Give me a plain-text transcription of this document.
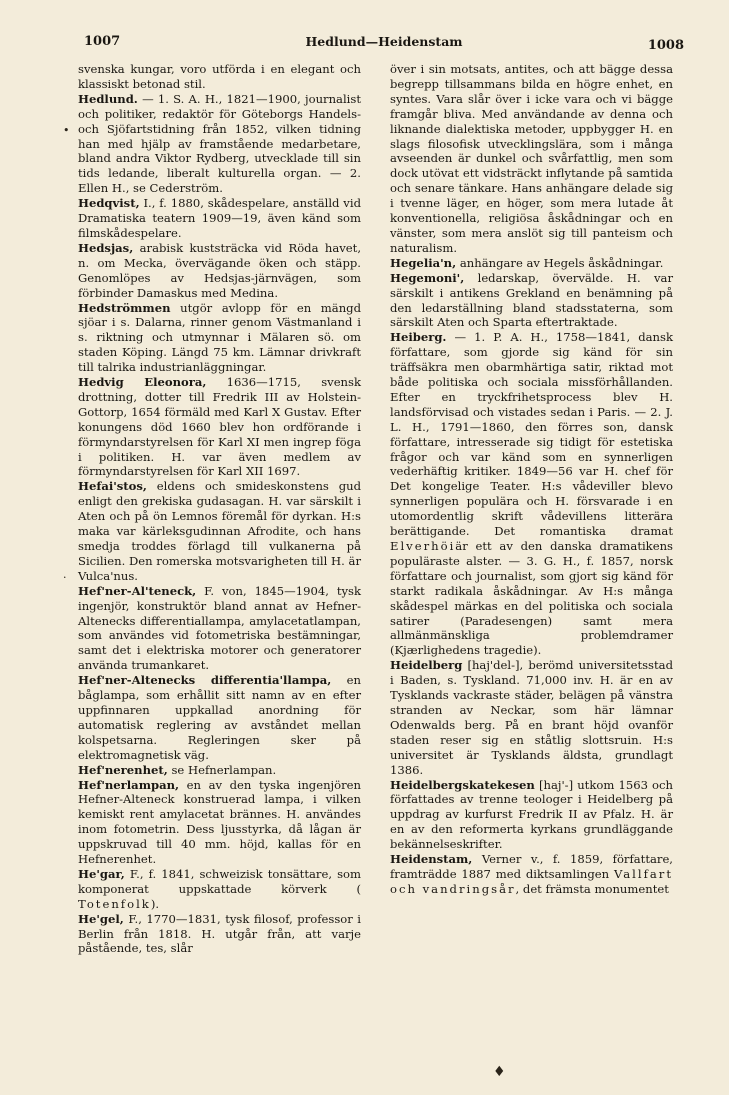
1007	Hedlund—Heidenstam	1008

svenska kungar, voro utförda i en elegant och klassiskt betonad stil.

Hedlund. — 1. S. A. H., 1821—1900, journalist och politiker, redaktör för Göteborgs Handels- och Sjöfartstidning från 1852, vilken tidning han med hjälp av framstående medarbetare, bland andra Viktor Rydberg, utvecklade till sin tids ledande, liberalt kulturella organ. — 2. Ellen H., se Cederström.

Hedqvist, I., f. 1880, skådespelare, anställd vid Dramatiska teatern 1909—19, även känd som filmskådespelare.

Hedsjas, arabisk kuststräcka vid Röda havet, n. om Mecka, övervägande öken och stäpp. Genomlöpes av Hedsjas-järnvägen, som förbinder Damaskus med Medina.

Hedströmmen utgör avlopp för en mängd sjöar i s. Dalarna, rinner genom Västmanland i s. riktning och utmynnar i Mälaren sö. om staden Köping. Längd 75 km. Lämnar drivkraft till talrika industrianläggningar.

Hedvig Eleonora, 1636—1715, svensk drottning, dotter till Fredrik III av Holstein-Gottorp, 1654 förmäld med Karl X Gustav. Efter konungens död 1660 blev hon ordförande i förmyndarstyrelsen för Karl XI men ingrep föga i politiken. H. var även medlem av förmyndarstyrelsen för Karl XII 1697.

Hefai'stos, eldens och smideskonstens gud enligt den grekiska gudasagan. H. var särskilt i Aten och på ön Lemnos föremål för dyrkan. H:s maka var kärleksgudinnan Afrodite, och hans smedja troddes förlagd till vulkanerna på Sicilien. Den romerska motsvarigheten till H. är Vulca'nus.

Hef'ner-Al'teneck, F. von, 1845—1904, tysk ingenjör, konstruktör bland annat av Hefner-Altenecks differentiallampa, amylacetatlampan, som användes vid fotometriska bestämningar, samt det i elektriska motorer och generatorer använda trumankaret.

Hef'ner-Altenecks differentia'llampa, en båglampa, som erhållit sitt namn av en efter uppfinnaren uppkallad anordning för automatisk reglering av avståndet mellan kolspetsarna. Regleringen sker på elektromagnetisk väg.

Hef'nerenhet, se Hefnerlampan.

Hef'nerlampan, en av den tyska ingenjören Hefner-Alteneck konstruerad lampa, i vilken kemiskt rent amylacetat brännes. H. användes inom fotometrin. Dess ljusstyrka, då lågan är uppskruvad till 40 mm. höjd, kallas för en Hefnerenhet.

He'gar, F., f. 1841, schweizisk tonsättare, som komponerat uppskattade körverk ( Totenfolk).

He'gel, F., 1770—1831, tysk filosof, professor i Berlin från 1818. H. utgår från, att varje påstående, tes, slår

över i sin motsats, antites, och att bägge dessa begrepp tillsammans bilda en högre enhet, en syntes. Vara slår över i icke vara och vi bägge framgår bliva. Med användande av denna och liknande dialektiska metoder, uppbygger H. en slags filosofisk utvecklingslära, som i många avseenden är dunkel och svårfattlig, men som dock utövat ett vidsträckt inflytande på samtida och senare tänkare. Hans anhängare delade sig i tvenne läger, en höger, som mera lutade åt konventionella, religiösa åskådningar och en vänster, som mera anslöt sig till panteism och naturalism.

Hegelia'n, anhängare av Hegels åskådningar.

Hegemoni', ledarskap, övervälde. H. var särskilt i antikens Grekland en benämning på den ledarställning bland stadsstaterna, som särskilt Aten och Sparta eftertraktade.

Heiberg. — 1. P. A. H., 1758—1841, dansk författare, som gjorde sig känd för sin träffsäkra men obarmhärtiga satir, riktad mot både politiska och sociala missförhållanden. Efter en tryckfrihetsprocess blev H. landsförvisad och vistades sedan i Paris. — 2. J. L. H., 1791—1860, den förres son, dansk författare, intresserade sig tidigt för estetiska frågor och var känd som en synnerligen vederhäftig kritiker. 1849—56 var H. chef för Det kongelige Teater. H:s vådeviller blevo synnerligen populära och H. försvarade i en utomordentlig skrift vådevillens litterära berättigande. Det romantiska dramat Elverhöiär ett av den danska dramatikens populäraste alster. — 3. G. H., f. 1857, norsk författare och journalist, som gjort sig känd för starkt radikala åskådningar. Av H:s många skådespel märkas en del politiska och sociala satirer (Paradesengen) samt mera allmänmänskliga problemdramer (Kjærlighedens tragedie).

Heidelberg [haj'del-], berömd universitetsstad i Baden, s. Tyskland. 71,000 inv. H. är en av Tysklands vackraste städer, belägen på vänstra stranden av Neckar, som här lämnar Odenwalds berg. På en brant höjd ovanför staden reser sig en ståtlig slottsruin. H:s universitet är Tysklands äldsta, grundlagt 1386.

Heidelbergskatekesen [haj'-] utkom 1563 och författades av trenne teologer i Heidelberg på uppdrag av kurfurst Fredrik II av Pfalz. H. är en av den reformerta kyrkans grundläggande bekännelseskrifter.

Heidenstam, Verner v., f. 1859, författare, framträdde 1887 med diktsamlingen Vallfart och vandringsår, det främsta monumentet

•
·
♦
